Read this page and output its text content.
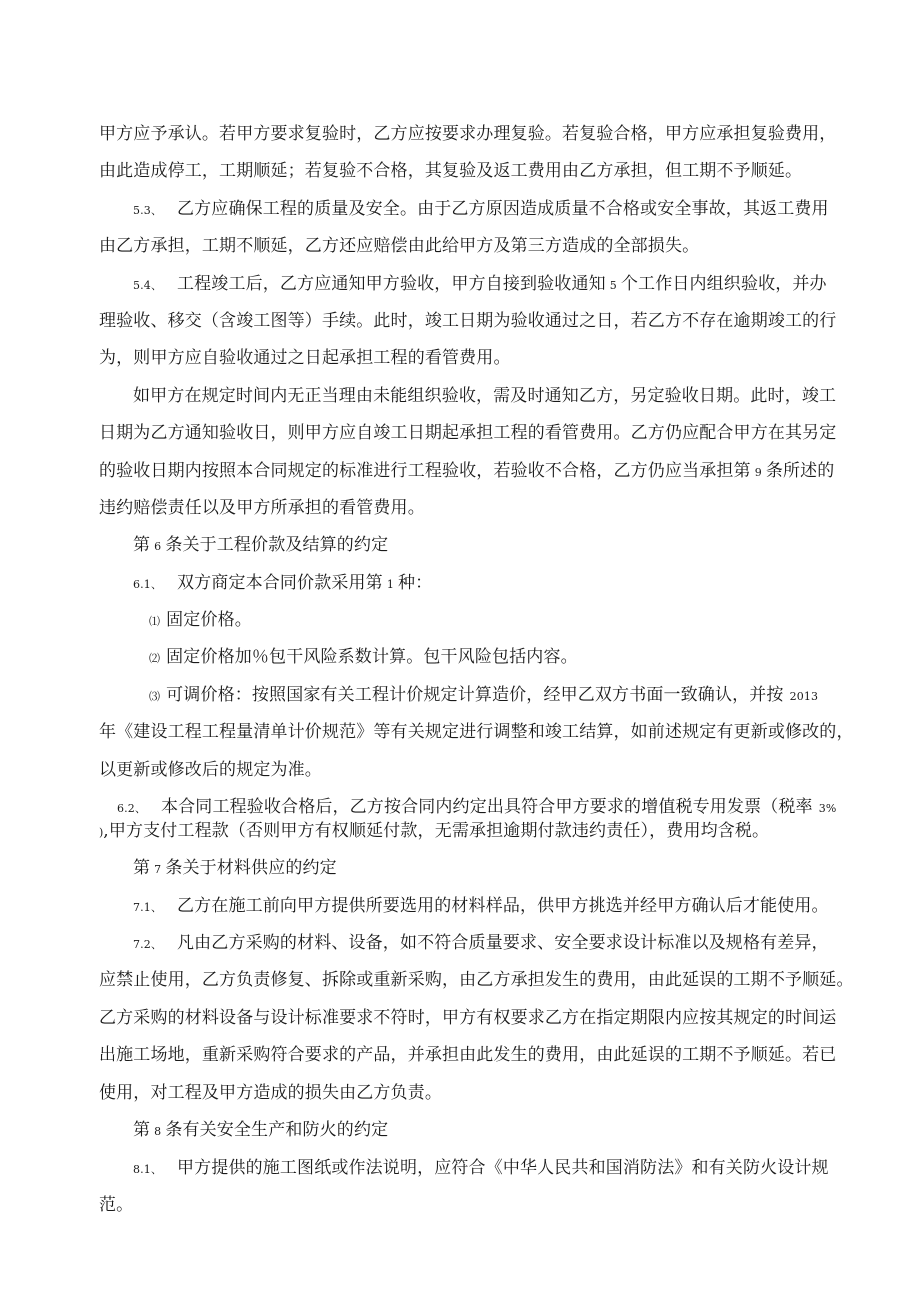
甲方应予承认。若甲方要求复验时，乙方应按要求办理复验。若复验合格，甲方应承担复验费用，
由此造成停工，工期顺延；若复验不合格，其复验及返工费用由乙方承担，但工期不予顺延。
5.3、 乙方应确保工程的质量及安全。由于乙方原因造成质量不合格或安全事故，其返工费用
由乙方承担，工期不顺延，乙方还应赔偿由此给甲方及第三方造成的全部损失。
5.4、 工程竣工后，乙方应通知甲方验收，甲方自接到验收通知 5 个工作日内组织验收，并办
理验收、移交（含竣工图等）手续。此时，竣工日期为验收通过之日，若乙方不存在逾期竣工的行
为，则甲方应自验收通过之日起承担工程的看管费用。
如甲方在规定时间内无正当理由未能组织验收，需及时通知乙方，另定验收日期。此时，竣工
日期为乙方通知验收日，则甲方应自竣工日期起承担工程的看管费用。乙方仍应配合甲方在其另定
的验收日期内按照本合同规定的标准进行工程验收，若验收不合格，乙方仍应当承担第 9 条所述的
违约赔偿责任以及甲方所承担的看管费用。
第 6 条关于工程价款及结算的约定
6.1、 双方商定本合同价款采用第 1 种：
⑴ 固定价格。
⑵ 固定价格加％包干风险系数计算。包干风险包括内容。
⑶ 可调价格：按照国家有关工程计价规定计算造价，经甲乙双方书面一致确认，并按 2013
年《建设工程工程量清单计价规范》等有关规定进行调整和竣工结算，如前述规定有更新或修改的，
以更新或修改后的规定为准。
6.2、 本合同工程验收合格后，乙方按合同内约定出具符合甲方要求的增值税专用发票（税率 3%
),甲方支付工程款（否则甲方有权顺延付款，无需承担逾期付款违约责任），费用均含税。
第 7 条关于材料供应的约定
7.1、 乙方在施工前向甲方提供所要选用的材料样品，供甲方挑选并经甲方确认后才能使用。
7.2、 凡由乙方采购的材料、设备，如不符合质量要求、安全要求设计标准以及规格有差异，
应禁止使用，乙方负责修复、拆除或重新采购，由乙方承担发生的费用，由此延误的工期不予顺延。
乙方采购的材料设备与设计标准要求不符时，甲方有权要求乙方在指定期限内应按其规定的时间运
出施工场地，重新采购符合要求的产品，并承担由此发生的费用，由此延误的工期不予顺延。若已
使用，对工程及甲方造成的损失由乙方负责。
第 8 条有关安全生产和防火的约定
8.1、 甲方提供的施工图纸或作法说明，应符合《中华人民共和国消防法》和有关防火设计规
范。
